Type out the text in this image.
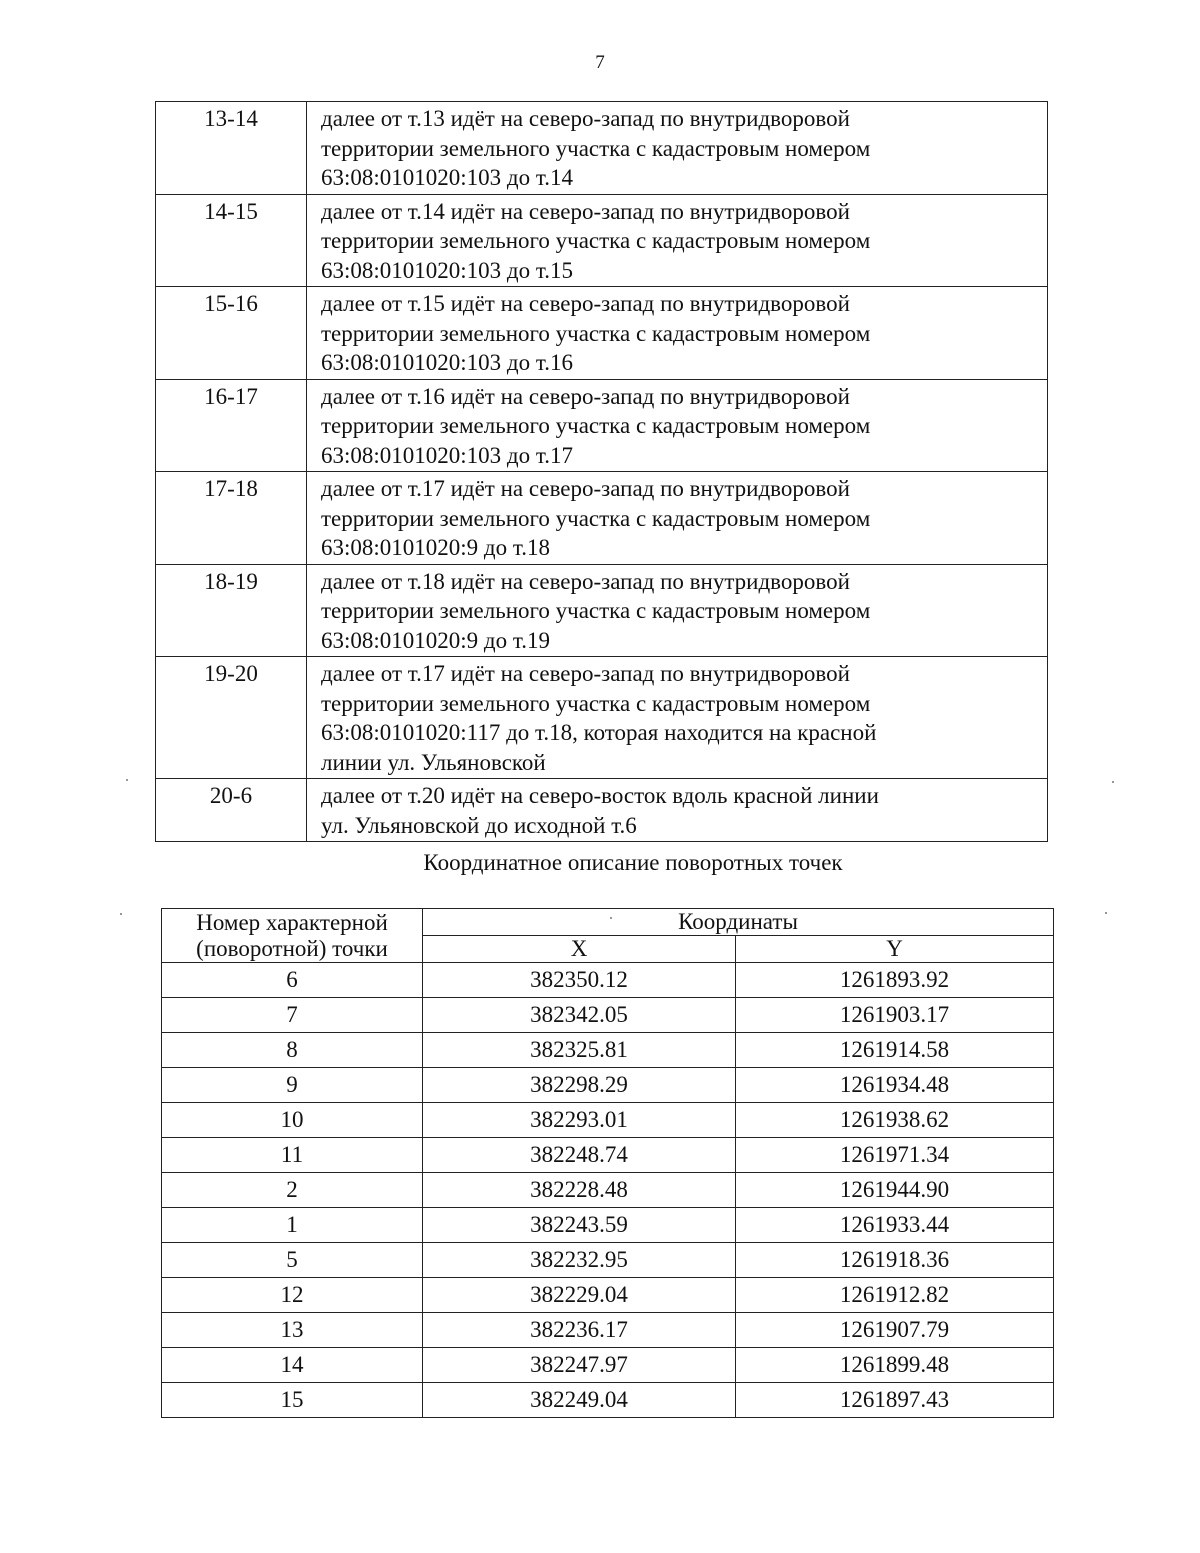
7
13-14	далее от т.13 идёт на северо-запад по внутридворовой
территории земельного участка с кадастровым номером
63:08:0101020:103 до т.14
14-15	далее от т.14 идёт на северо-запад по внутридворовой
территории земельного участка с кадастровым номером
63:08:0101020:103 до т.15
15-16	далее от т.15 идёт на северо-запад по внутридворовой
территории земельного участка с кадастровым номером
63:08:0101020:103 до т.16
16-17	далее от т.16 идёт на северо-запад по внутридворовой
территории земельного участка с кадастровым номером
63:08:0101020:103 до т.17
17-18	далее от т.17 идёт на северо-запад по внутридворовой
территории земельного участка с кадастровым номером
63:08:0101020:9 до т.18
18-19	далее от т.18 идёт на северо-запад по внутридворовой
территории земельного участка с кадастровым номером
63:08:0101020:9 до т.19
19-20	далее от т.17 идёт на северо-запад по внутридворовой
территории земельного участка с кадастровым номером
63:08:0101020:117 до т.18, которая находится на красной
линии ул. Ульяновской
20-6	далее от т.20 идёт на северо-восток вдоль красной линии
ул. Ульяновской до исходной т.6
Координатное описание поворотных точек
Номер характерной
(поворотной) точки	Координаты	
	X	Y
6	382350.12	1261893.92
7	382342.05	1261903.17
8	382325.81	1261914.58
9	382298.29	1261934.48
10	382293.01	1261938.62
11	382248.74	1261971.34
2	382228.48	1261944.90
1	382243.59	1261933.44
5	382232.95	1261918.36
12	382229.04	1261912.82
13	382236.17	1261907.79
14	382247.97	1261899.48
15	382249.04	1261897.43
